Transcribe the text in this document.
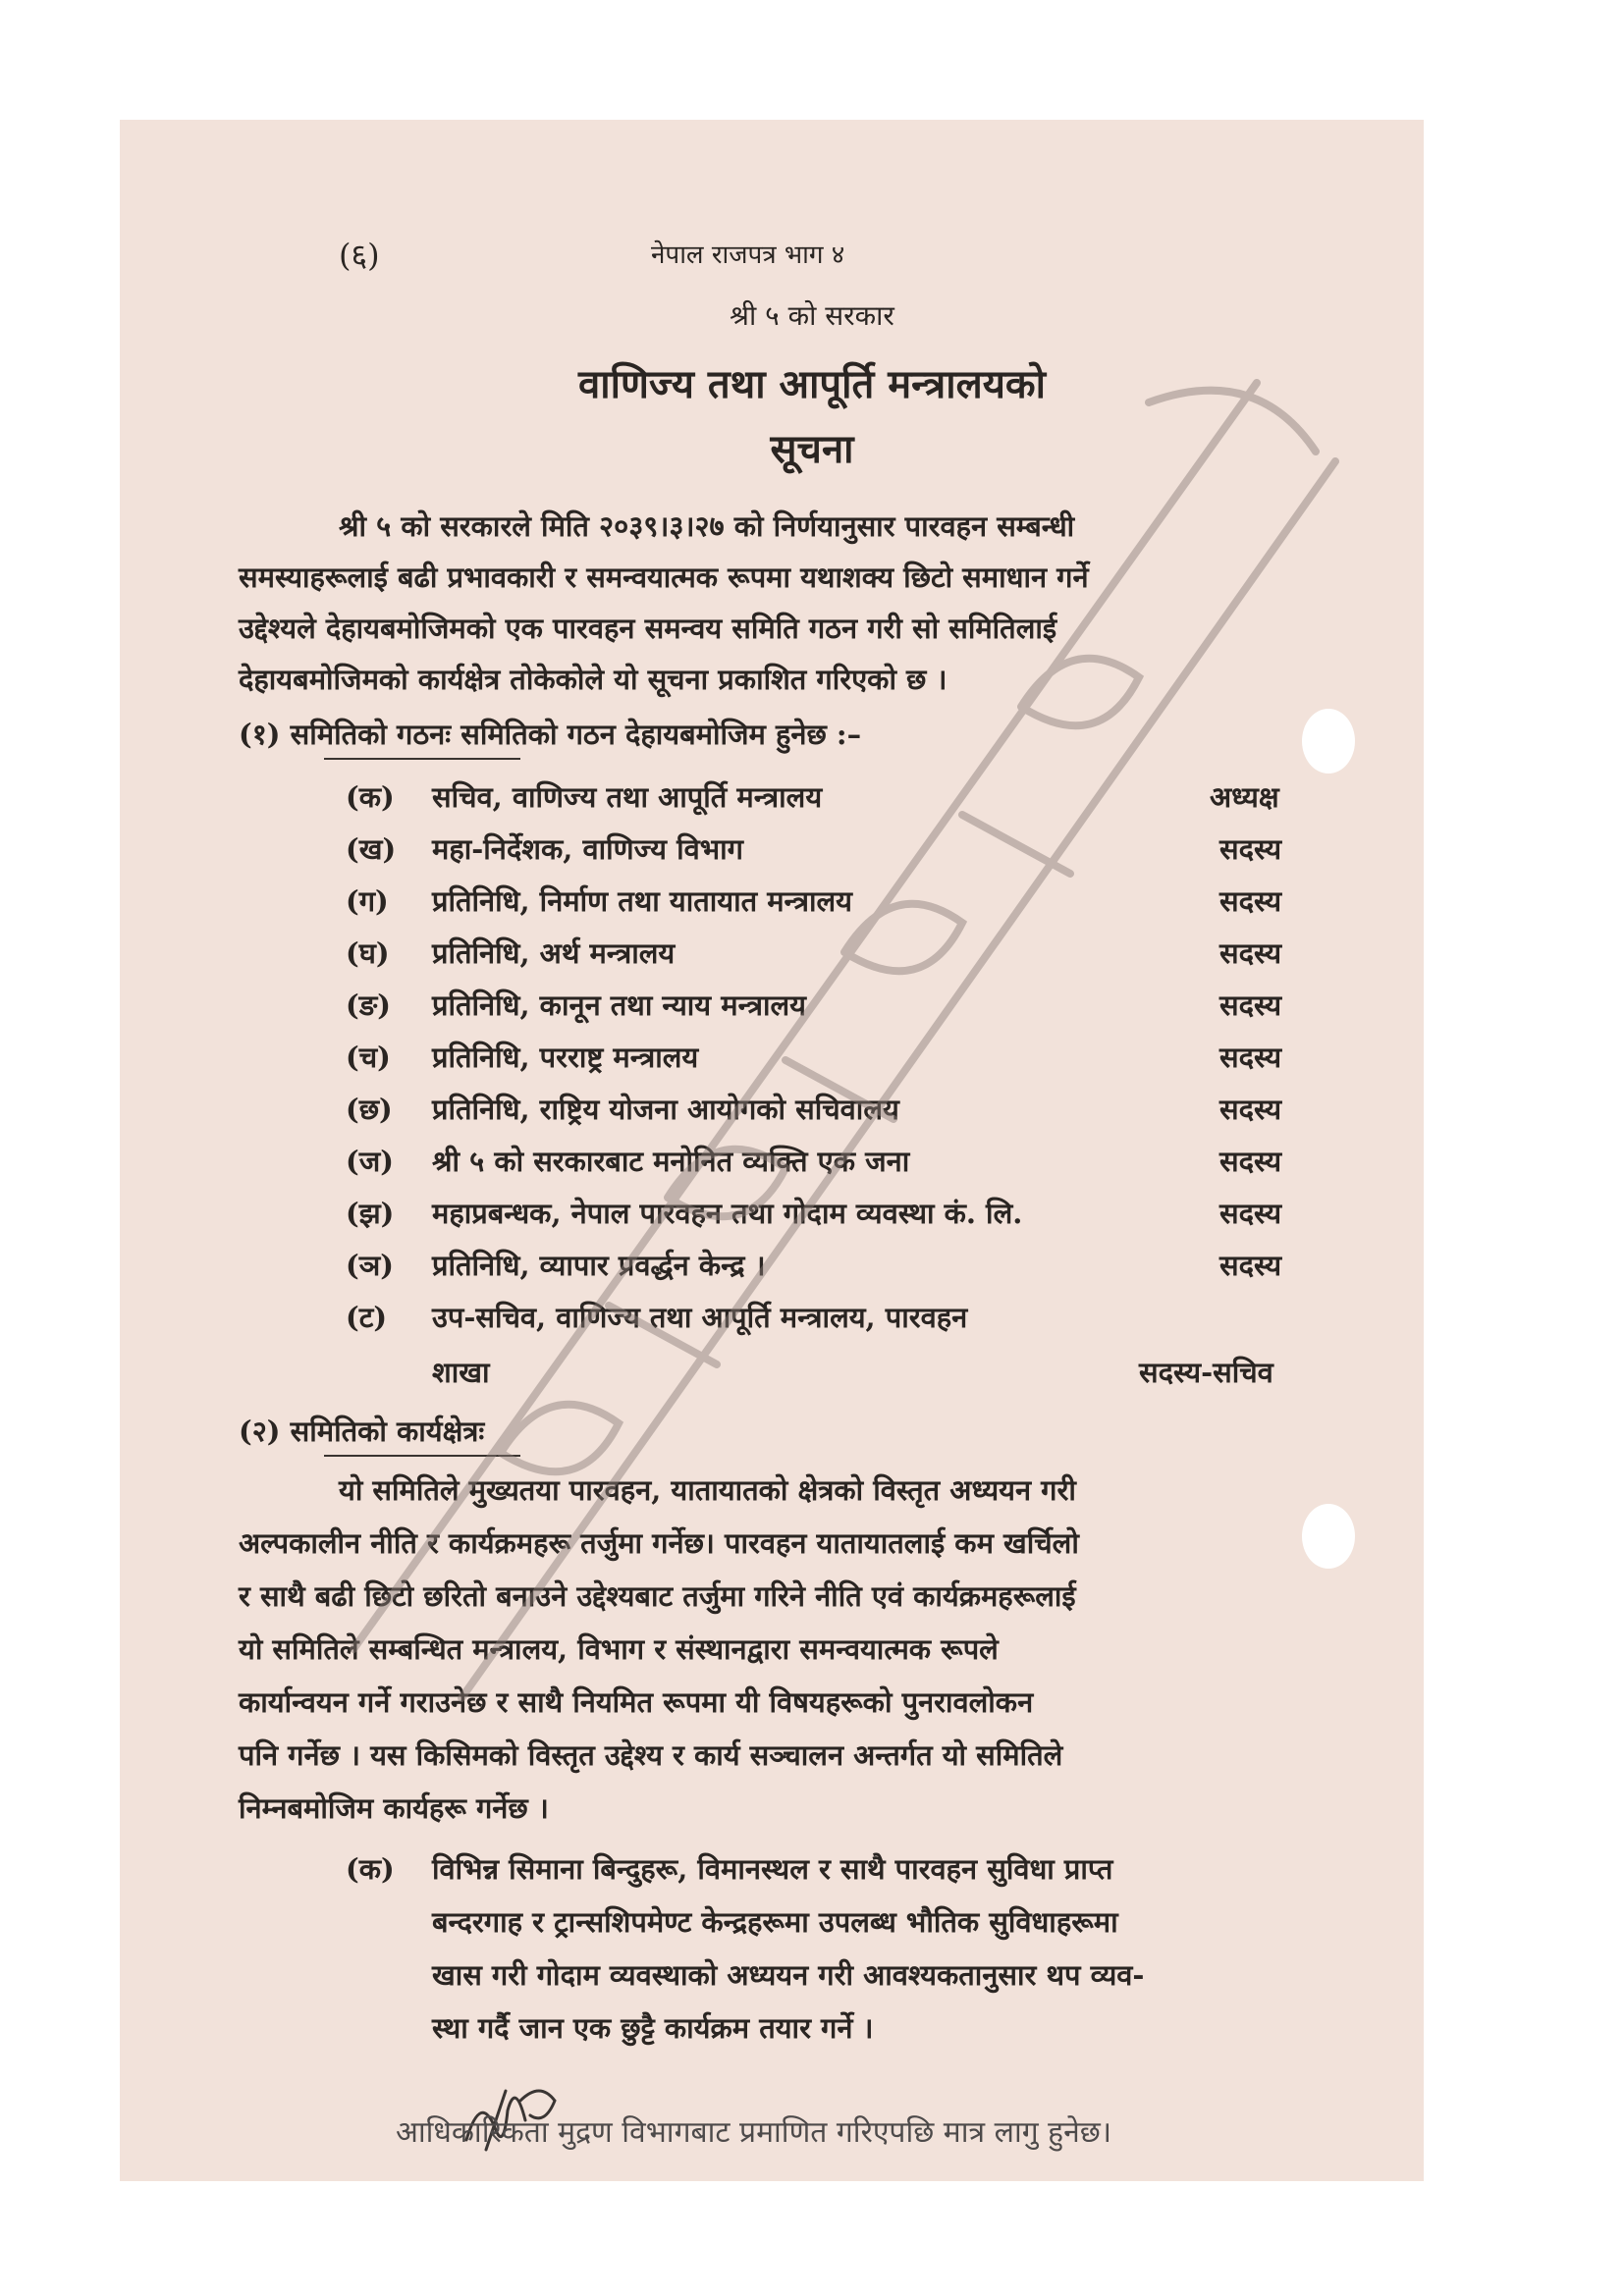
(६)	नेपाल राजपत्र भाग ४
श्री ५ को सरकार
वाणिज्य तथा आपूर्ति मन्त्रालयको
सूचना
श्री ५ को सरकारले मिति २०३९।३।२७ को निर्णयानुसार पारवहन सम्बन्धी
समस्याहरूलाई बढी प्रभावकारी र समन्वयात्मक रूपमा यथाशक्य छिटो समाधान गर्ने
उद्देश्यले देहायबमोजिमको एक पारवहन समन्वय समिति गठन गरी सो समितिलाई
देहायबमोजिमको कार्यक्षेत्र तोकेकोले यो सूचना प्रकाशित गरिएको छ ।
(१) समितिको गठनः समितिको गठन देहायबमोजिम हुनेछ :–
(क) सचिव, वाणिज्य तथा आपूर्ति मन्त्रालय	अध्यक्ष
(ख) महा-निर्देशक, वाणिज्य विभाग	सदस्य
(ग) प्रतिनिधि, निर्माण तथा यातायात मन्त्रालय	सदस्य
(घ) प्रतिनिधि, अर्थ मन्त्रालय	सदस्य
(ङ) प्रतिनिधि, कानून तथा न्याय मन्त्रालय	सदस्य
(च) प्रतिनिधि, परराष्ट्र मन्त्रालय	सदस्य
(छ) प्रतिनिधि, राष्ट्रिय योजना आयोगको सचिवालय	सदस्य
(ज) श्री ५ को सरकारबाट मनोनित व्यक्ति एक जना	सदस्य
(झ) महाप्रबन्धक, नेपाल पारवहन तथा गोदाम व्यवस्था कं. लि.	सदस्य
(ञ) प्रतिनिधि, व्यापार प्रवर्द्धन केन्द्र ।	सदस्य
(ट) उप-सचिव, वाणिज्य तथा आपूर्ति मन्त्रालय, पारवहन
शाखा	सदस्य-सचिव
(२) समितिको कार्यक्षेत्रः
यो समितिले मुख्यतया पारवहन, यातायातको क्षेत्रको विस्तृत अध्ययन गरी
अल्पकालीन नीति र कार्यक्रमहरू तर्जुमा गर्नेछ। पारवहन यातायातलाई कम खर्चिलो
र साथै बढी छिटो छरितो बनाउने उद्देश्यबाट तर्जुमा गरिने नीति एवं कार्यक्रमहरूलाई
यो समितिले सम्बन्धित मन्त्रालय, विभाग र संस्थानद्वारा समन्वयात्मक रूपले
कार्यान्वयन गर्ने गराउनेछ र साथै नियमित रूपमा यी विषयहरूको पुनरावलोकन
पनि गर्नेछ । यस किसिमको विस्तृत उद्देश्य र कार्य सञ्चालन अन्तर्गत यो समितिले
निम्नबमोजिम कार्यहरू गर्नेछ ।
(क) विभिन्न सिमाना बिन्दुहरू, विमानस्थल र साथै पारवहन सुविधा प्राप्त
बन्दरगाह र ट्रान्सशिपमेण्ट केन्द्रहरूमा उपलब्ध भौतिक सुविधाहरूमा
खास गरी गोदाम व्यवस्थाको अध्ययन गरी आवश्यकतानुसार थप व्यव-
स्था गर्दै जान एक छुट्टै कार्यक्रम तयार गर्ने ।
आधिकारिकता मुद्रण विभागबाट प्रमाणित गरिएपछि मात्र लागु हुनेछ।
